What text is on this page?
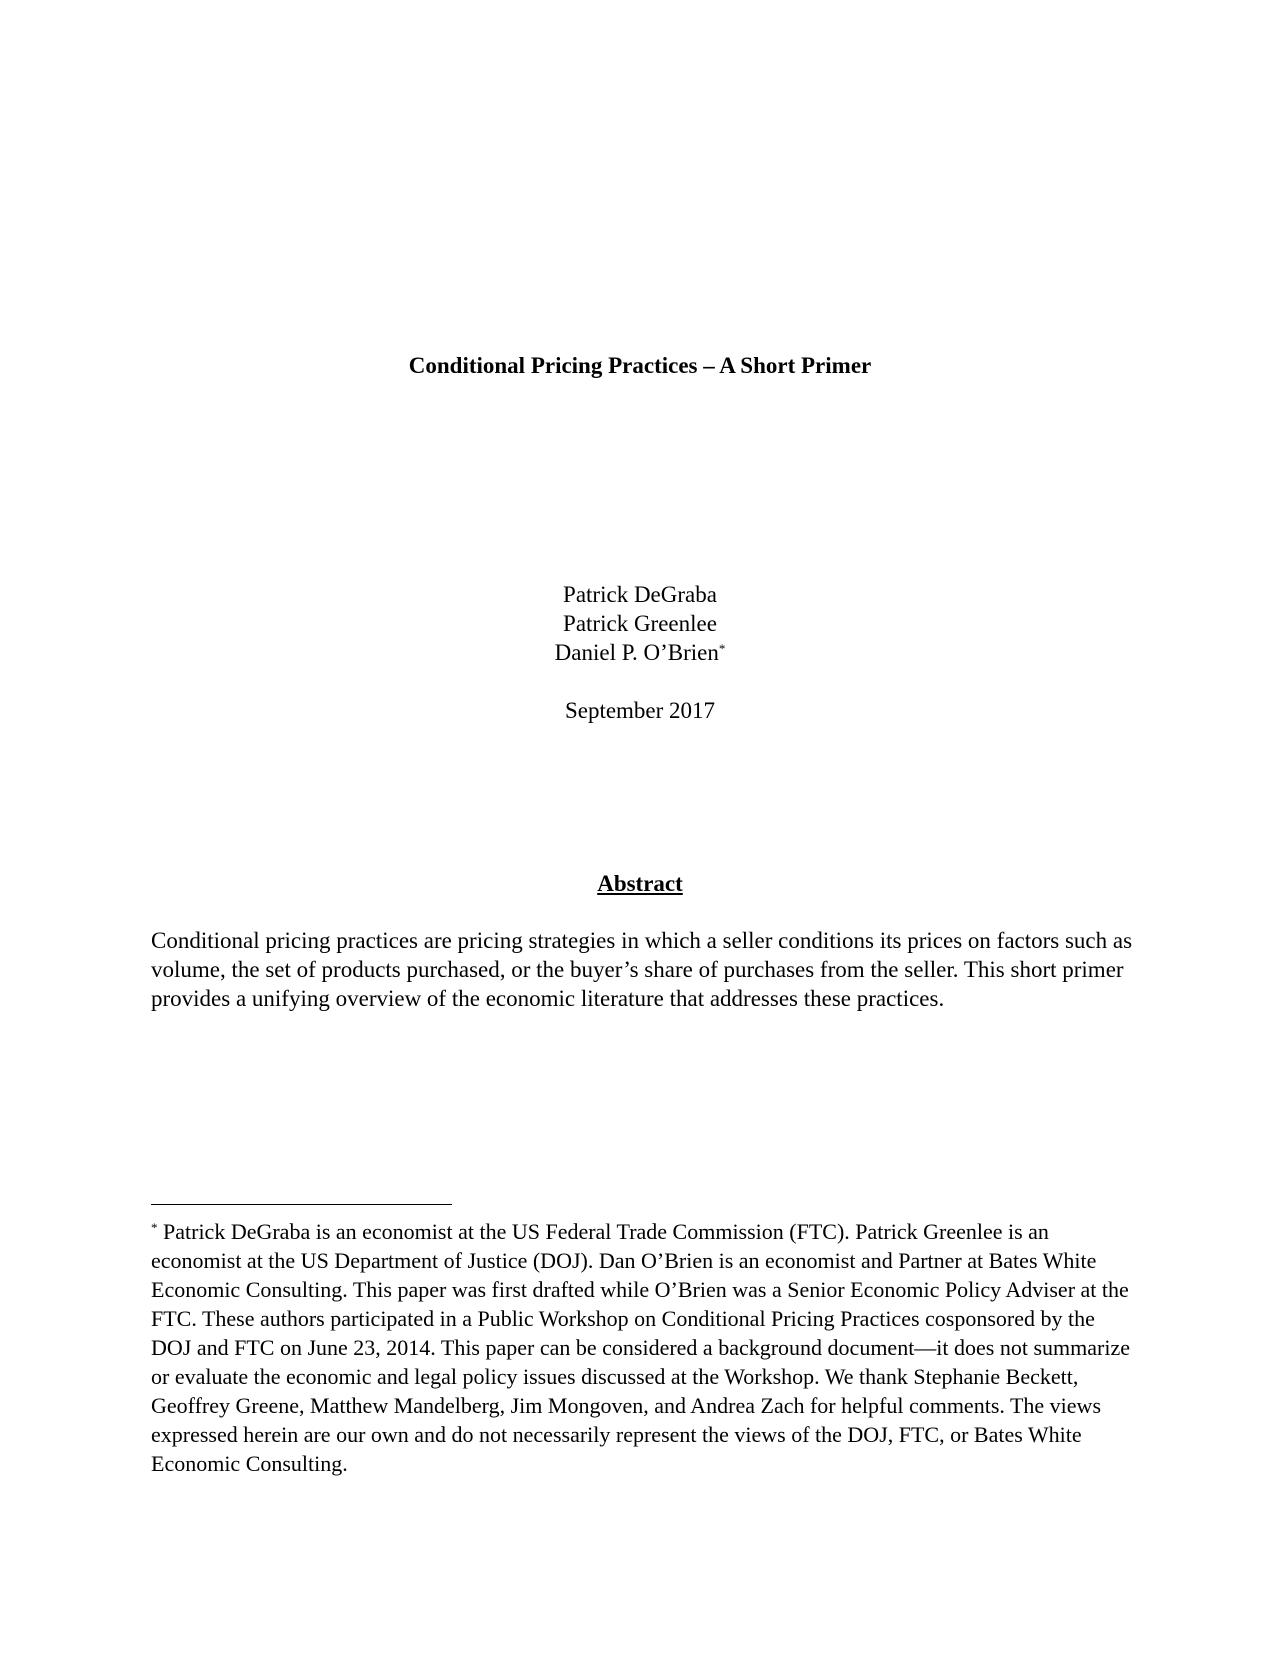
Conditional Pricing Practices – A Short Primer
Patrick DeGraba
Patrick Greenlee
Daniel P. O’Brien*
September 2017
Abstract
Conditional pricing practices are pricing strategies in which a seller conditions its prices on factors such as volume, the set of products purchased, or the buyer’s share of purchases from the seller. This short primer provides a unifying overview of the economic literature that addresses these practices.
* Patrick DeGraba is an economist at the US Federal Trade Commission (FTC). Patrick Greenlee is an economist at the US Department of Justice (DOJ). Dan O’Brien is an economist and Partner at Bates White Economic Consulting. This paper was first drafted while O’Brien was a Senior Economic Policy Adviser at the FTC. These authors participated in a Public Workshop on Conditional Pricing Practices cosponsored by the DOJ and FTC on June 23, 2014. This paper can be considered a background document—it does not summarize or evaluate the economic and legal policy issues discussed at the Workshop. We thank Stephanie Beckett, Geoffrey Greene, Matthew Mandelberg, Jim Mongoven, and Andrea Zach for helpful comments. The views expressed herein are our own and do not necessarily represent the views of the DOJ, FTC, or Bates White Economic Consulting.
